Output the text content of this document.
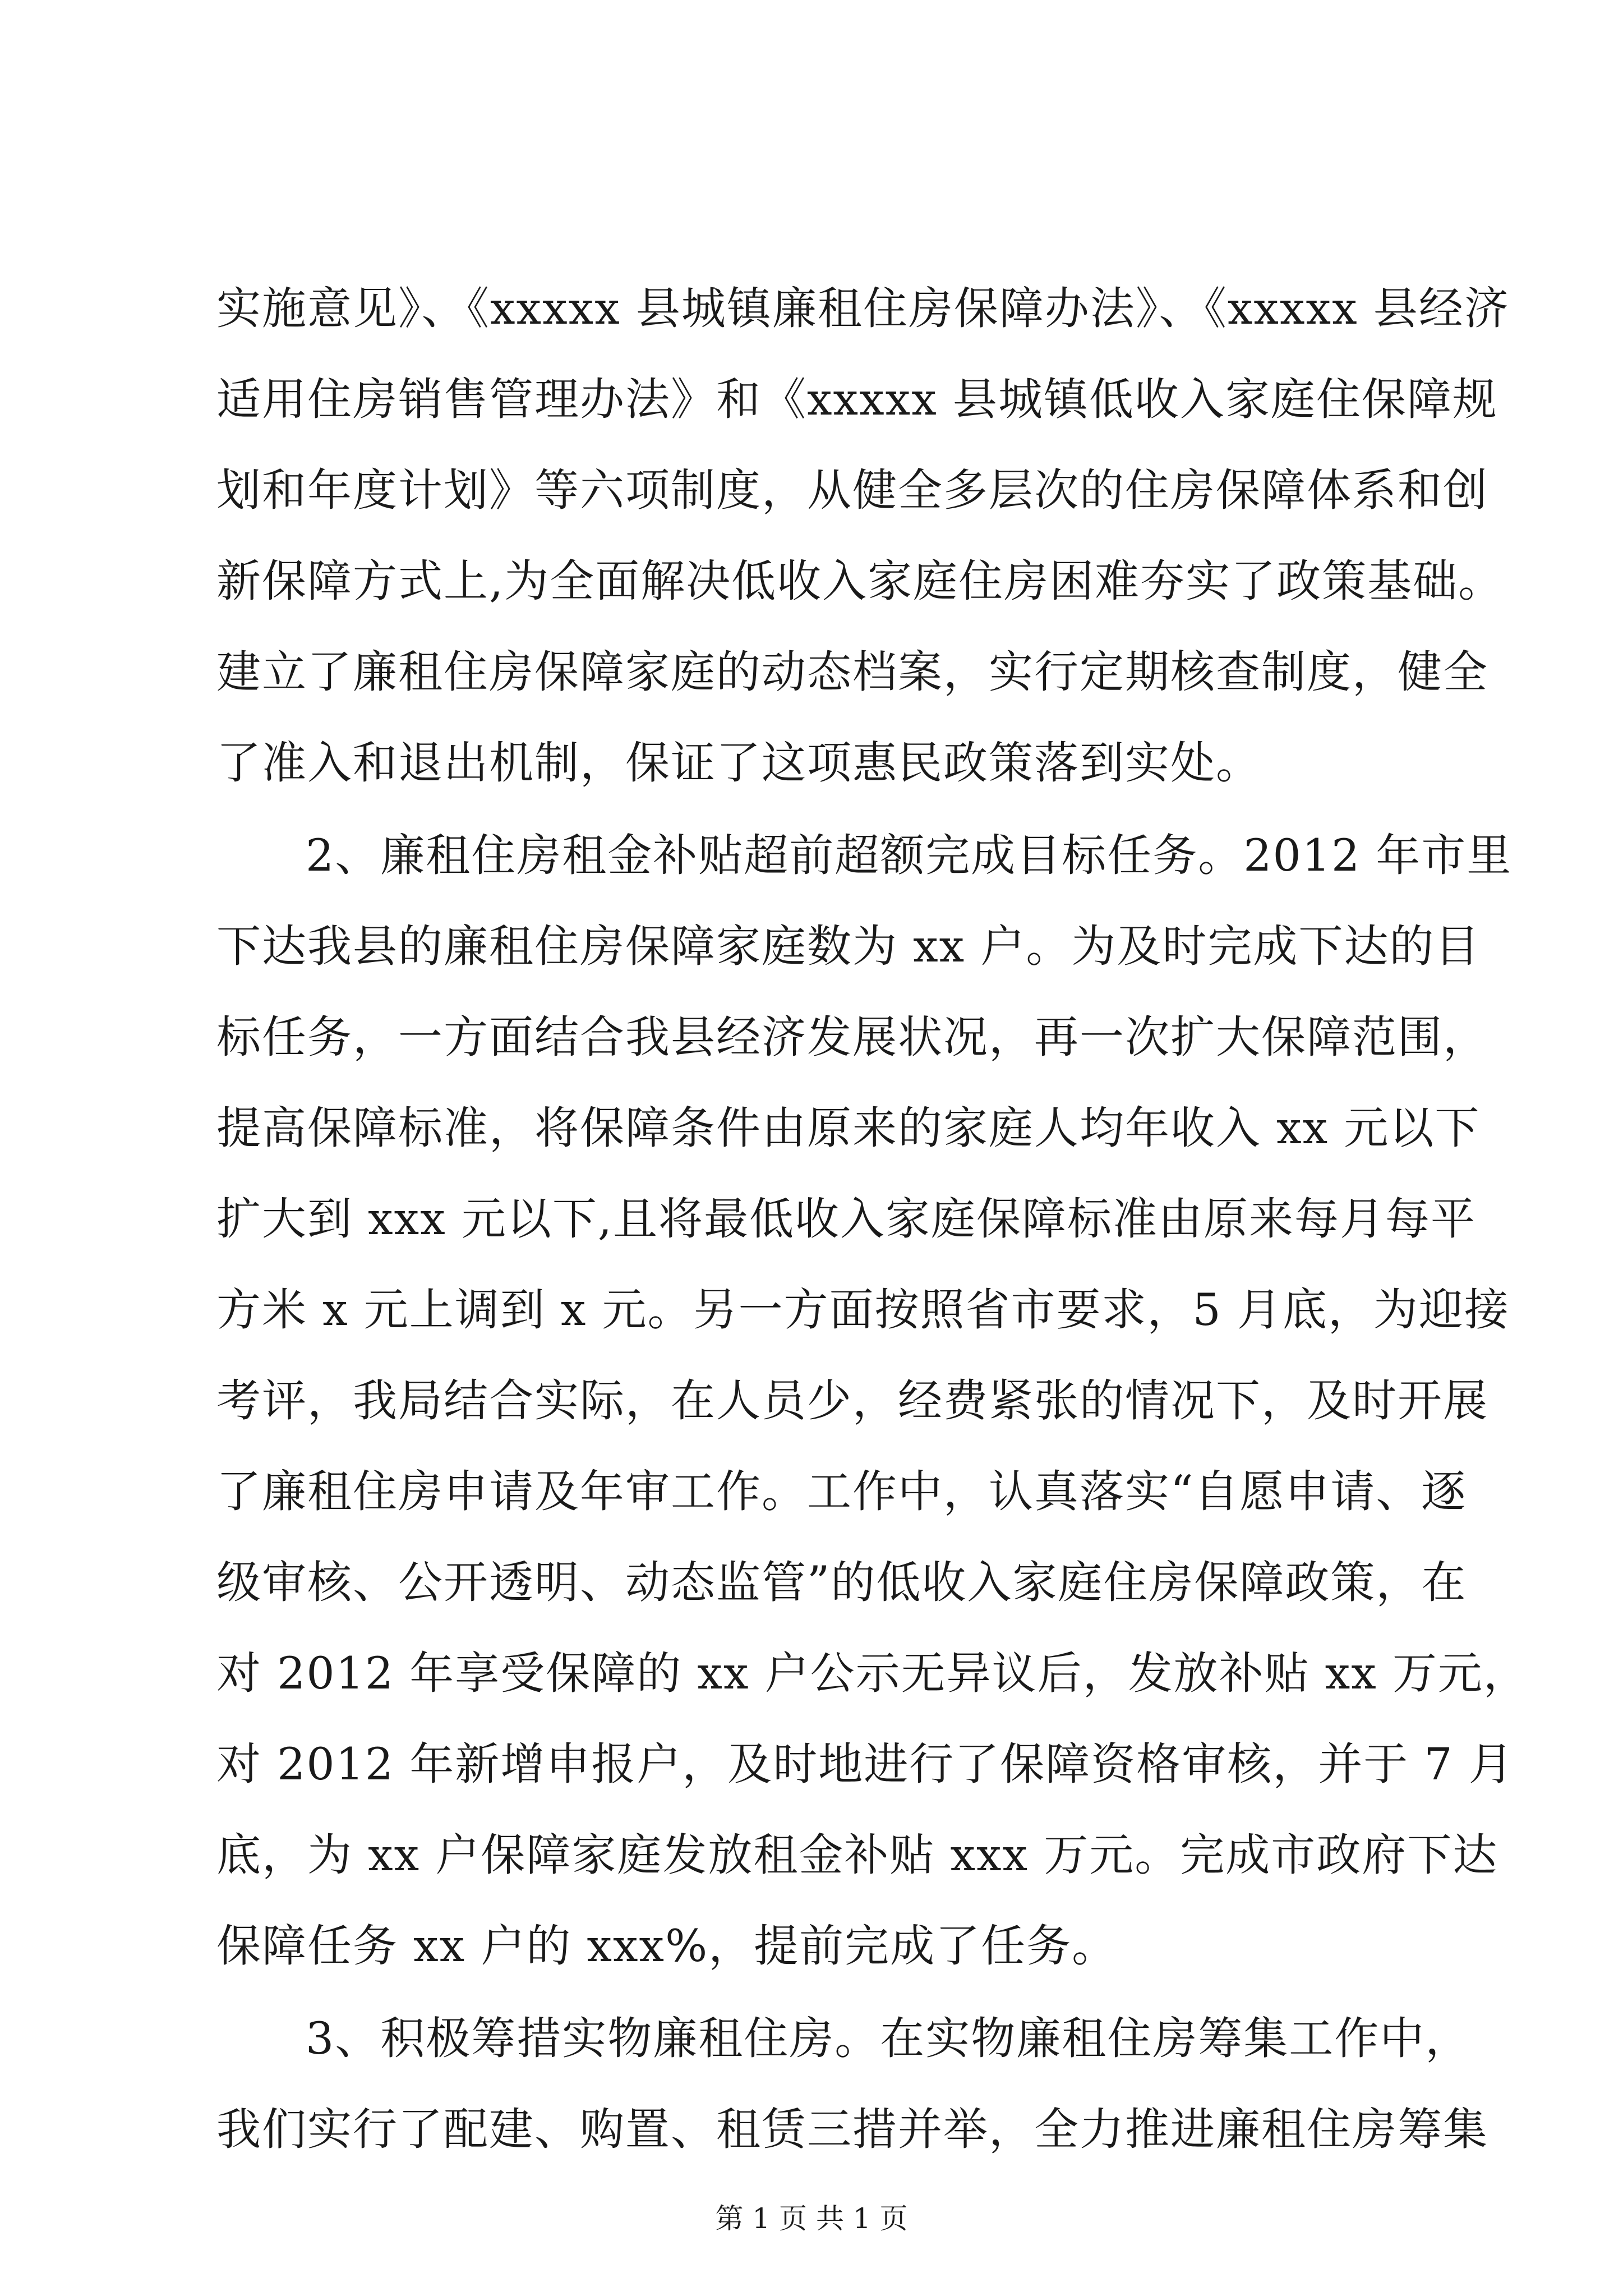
实施意见》、《xxxxx 县城镇廉租住房保障办法》、《xxxxx 县经济
适用住房销售管理办法》和《xxxxx 县城镇低收入家庭住保障规
划和年度计划》等六项制度，从健全多层次的住房保障体系和创
新保障方式上,为全面解决低收入家庭住房困难夯实了政策基础。
建立了廉租住房保障家庭的动态档案，实行定期核查制度，健全
了准入和退出机制，保证了这项惠民政策落到实处。
2、廉租住房租金补贴超前超额完成目标任务。2012 年市里
下达我县的廉租住房保障家庭数为 xx 户。为及时完成下达的目
标任务，一方面结合我县经济发展状况，再一次扩大保障范围，
提高保障标准，将保障条件由原来的家庭人均年收入 xx 元以下
扩大到 xxx 元以下,且将最低收入家庭保障标准由原来每月每平
方米 x 元上调到 x 元。另一方面按照省市要求，5 月底，为迎接
考评，我局结合实际，在人员少，经费紧张的情况下，及时开展
了廉租住房申请及年审工作。工作中，认真落实“自愿申请、逐
级审核、公开透明、动态监管”的低收入家庭住房保障政策，在
对 2012 年享受保障的 xx 户公示无异议后，发放补贴 xx 万元，
对 2012 年新增申报户，及时地进行了保障资格审核，并于 7 月
底，为 xx 户保障家庭发放租金补贴 xxx 万元。完成市政府下达
保障任务 xx 户的 xxx%，提前完成了任务。
3、积极筹措实物廉租住房。在实物廉租住房筹集工作中，
我们实行了配建、购置、租赁三措并举，全力推进廉租住房筹集
第 1 页 共 1 页
